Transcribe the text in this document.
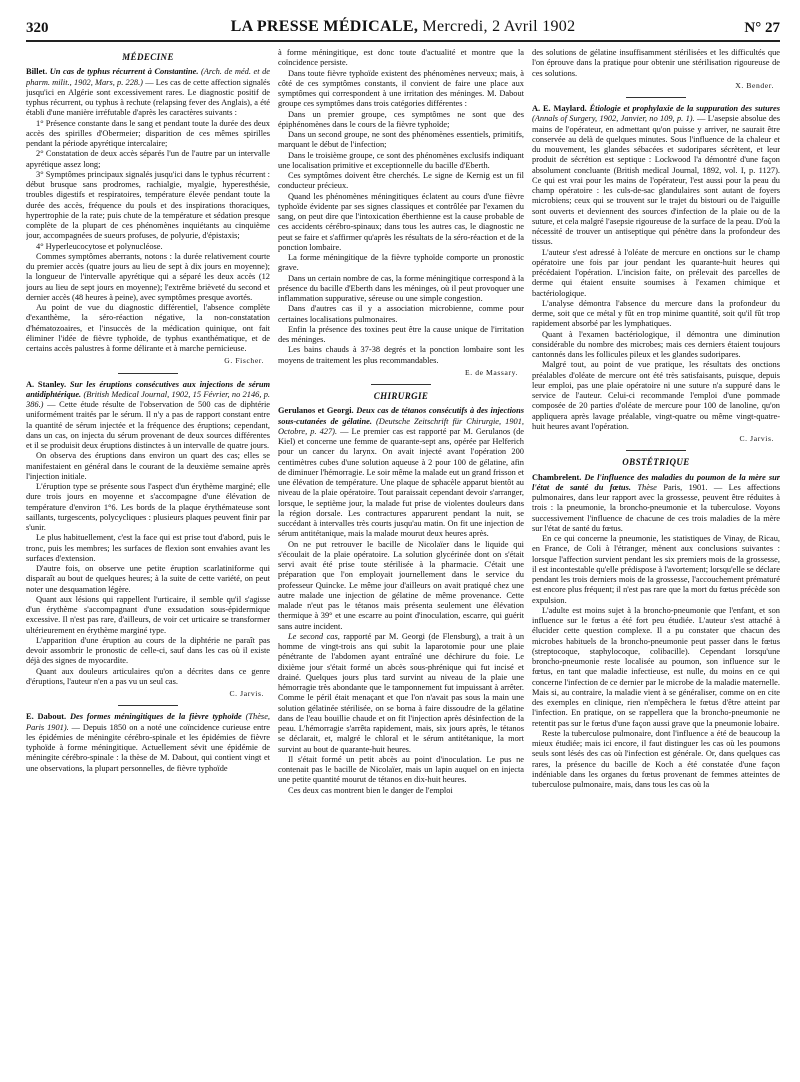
320	LA PRESSE MÉDICALE, Mercredi, 2 Avril 1902	N° 27
MÉDECINE

Billet. Un cas de typhus récurrent à Constantine. (Arch. de méd. et de pharm. milit., 1902, Mars, p. 228.) — Les cas de cette affection signalés jusqu'ici en Algérie sont excessivement rares. Le diagnostic positif de typhus récurrent, ou typhus à rechute (relapsing fever des Anglais), a été établi d'une manière irréfutable d'après les caractères suivants :

1° Présence constante dans le sang et pendant toute la durée des deux accès des spirilles d'Obermeier; disparition de ces mêmes spirilles pendant la période apyrétique intercalaire;

2° Constatation de deux accès séparés l'un de l'autre par un intervalle apyrétique assez long;

3° Symptômes principaux signalés jusqu'ici dans le typhus récurrent : début brusque sans prodromes, rachialgie, myalgie, hyperesthésie, troubles digestifs et respiratoires, température élevée pendant toute la durée des accès, fréquence du pouls et des inspirations thoraciques, hypertrophie de la rate; puis chute de la température et sédation presque complète de la plupart de ces phénomènes inquiétants au cinquième jour, accompagnées de sueurs profuses, de polyurie, d'épistaxis;

4° Hyperleucocytose et polynucléose.

Commes symptômes aberrants, notons : la durée relativement courte du premier accès (quatre jours au lieu de sept à dix jours en moyenne); la longueur de l'intervalle apyrétique qui a séparé les deux accès (12 jours au lieu de sept jours en moyenne); l'extrême brièveté du second et dernier accès (48 heures à peine), avec symptômes presque avortés.

Au point de vue du diagnostic différentiel, l'absence complète d'exanthème, la séro-réaction négative, la non-constatation d'hématozoaires, et l'insuccès de la médication quinique, ont fait éliminer l'idée de fièvre typhoïde, de typhus exanthématique, et de certains accès palustres à forme délirante et à marche pernicieuse.

G. Fischer.

A. Stanley. Sur les éruptions consécutives aux injections de sérum antidiphtérique. (British Medical Journal, 1902, 15 Février, no 2146, p. 386.) — Cette étude résulte de l'observation de 500 cas de diphtérie uniformément traités par le sérum. Il n'y a pas de rapport constant entre la quantité de sérum injectée et la fréquence des éruptions; cependant, dans un cas, on injecta du sérum provenant de deux sources différentes et il se produisit deux éruptions distinctes à un intervalle de quatre jours.

On observa des éruptions dans environ un quart des cas; elles se manifestaient en général dans le courant de la deuxième semaine après l'injection initiale.

L'éruption type se présente sous l'aspect d'un érythème marginé; elle dure trois jours en moyenne et s'accompagne d'une élévation de température d'environ 1°6. Les bords de la plaque érythémateuse sont saillants, turgescents, polycycliques : plusieurs plaques peuvent finir par s'unir.

Le plus habituellement, c'est la face qui est prise tout d'abord, puis le tronc, puis les membres; les surfaces de flexion sont envahies avant les surfaces d'extension.

D'autre fois, on observe une petite éruption scarlatiniforme qui disparaît au bout de quelques heures; à la suite de cette variété, on peut noter une desquamation légère.

Quant aux lésions qui rappellent l'urticaire, il semble qu'il s'agisse d'un érythème s'accompagnant d'une exsudation sous-épidermique excessive. Il n'est pas rare, d'ailleurs, de voir cet urticaire se transformer ultérieurement en érythème marginé type.

L'apparition d'une éruption au cours de la diphtérie ne paraît pas devoir assombrir le pronostic de celle-ci, sauf dans les cas où il existe déjà des signes de myocardite.

Quant aux douleurs articulaires qu'on a décrites dans ce genre d'éruptions, l'auteur n'en a pas vu un seul cas.

C. Jarvis.

E. Dabout. Des formes méningitiques de la fièvre typhoïde (Thèse, Paris 1901). — Depuis 1850 on a noté une coïncidence curieuse entre les épidémies de méningite cérébro-spinale et les épidémies de fièvre typhoïde à forme méningitique. Actuellement sévit une épidémie de méningite cérébro-spinale : la thèse de M. Dabout, qui contient vingt et une observations, la plupart personnelles, de fièvre typhoïde

à forme méningitique, est donc toute d'actualité et montre que la coïncidence persiste.

Dans toute fièvre typhoïde existent des phénomènes nerveux; mais, à côté de ces symptômes constants, il convient de faire une place aux symptômes qui correspondent à une irritation des méninges. M. Dabout groupe ces symptômes dans trois catégories différentes :

Dans un premier groupe, ces symptômes ne sont que des épiphénomènes dans le cours de la fièvre typhoïde;

Dans un second groupe, ne sont des phénomènes essentiels, primitifs, marquant le début de l'infection;

Dans le troisième groupe, ce sont des phénomènes exclusifs indiquant une localisation primitive et exceptionnelle du bacille d'Eberth.

Ces symptômes doivent être cherchés. Le signe de Kernig est un fil conducteur précieux.

Quand les phénomènes méningitiques éclatent au cours d'une fièvre typhoïde évidente par ses signes classiques et contrôlée par l'examen du sang, on peut dire que l'intoxication éberthienne est la cause probable de ces accidents cérébro-spinaux; dans tous les autres cas, le diagnostic ne peut se faire et s'affirmer qu'après les résultats de la séro-réaction et de la ponction lombaire.

La forme méningitique de la fièvre typhoïde comporte un pronostic grave.

Dans un certain nombre de cas, la forme méningitique correspond à la présence du bacille d'Eberth dans les méninges, où il peut provoquer une inflammation suppurative, séreuse ou une simple congestion.

Dans d'autres cas il y a association microbienne, comme pour certaines localisations pulmonaires.

Enfin la présence des toxines peut être la cause unique de l'irritation des méninges.

Les bains chauds à 37-38 degrés et la ponction lombaire sont les moyens de traitement les plus recommandables.

E. de Massary.
CHIRURGIE

Gerulanos et Georgi. Deux cas de tétanos consécutifs à des injections sous-cutanées de gélatine. (Deutsche Zeitschrift für Chirurgie, 1901, Octobre, p. 427). — Le premier cas est rapporté par M. Gerulanos (de Kiel) et concerne une femme de quarante-sept ans, opérée par Helferich pour un cancer du larynx. On avait injecté avant l'opération 200 centimètres cubes d'une solution aqueuse à 2 pour 100 de gélatine, afin de diminuer l'hémorragie. Le soir même la malade eut un grand frisson et une élévation de température. Une plaque de sphacèle apparut bientôt au niveau de la plaie opératoire. Tout paraissait cependant devoir s'arranger, lorsque, le septième jour, la malade fut prise de violentes douleurs dans la région dorsale. Les contractures apparurent pendant la nuit, se succédant à intervalles très courts jusqu'au matin. On fit une injection de sérum antitétanique, mais la malade mourut deux heures après.

On ne put retrouver le bacille de Nicolaïer dans le liquide qui s'écoulait de la plaie opératoire. La solution glycérinée dont on s'était servi avait été prise toute stérilisée à la pharmacie. C'était une préparation que l'on employait journellement dans le service du professeur Quincke. Le même jour d'ailleurs on avait pratiqué chez une autre malade une injection de gélatine de même provenance. Cette malade n'eut pas le tétanos mais présenta seulement une élévation thermique à 39° et une escarre au point d'inoculation, escarre, qui guérit sans autre incident.

Le second cas, rapporté par M. Georgi (de Flensburg), a trait à un homme de vingt-trois ans qui subit la laparotomie pour une plaie pénétrante de l'abdomen ayant entraîné une déchirure du foie. Le dixième jour s'était formé un abcès sous-phrénique qui fut incisé et drainé. Quelques jours plus tard survint au niveau de la plaie une hémorragie très abondante que le tamponnement fut impuissant à arrêter. Comme le péril était menaçant et que l'on n'avait pas sous la main une solution gélatinée stérilisée, on se borna à faire dissoudre de la gélatine dans de l'eau bouillie chaude et on fit l'injection après désinfection de la peau. L'hémorragie s'arrêta rapidement, mais, six jours après, le tétanos se déclarait, et, malgré le chloral et le sérum antitétanique, la mort survint au bout de quarante-huit heures.

Il s'était formé un petit abcès au point d'inoculation. Le pus ne contenait pas le bacille de Nicolaïer, mais un lapin auquel on en injecta une petite quantité mourut de tétanos en dix-huit heures.

Ces deux cas montrent bien le danger de l'emploi

des solutions de gélatine insuffisamment stérilisées et les difficultés que l'on éprouve dans la pratique pour obtenir une stérilisation rigoureuse de ces solutions.

X. Bender.

A. E. Maylard. Étiologie et prophylaxie de la suppuration des sutures (Annals of Surgery, 1902, Janvier, no 109, p. 1). — L'asepsie absolue des mains de l'opérateur, en admettant qu'on puisse y arriver, ne saurait être conservée au delà de quelques minutes. Sous l'influence de la chaleur et du mouvement, les glandes sébacées et sudoripares sécrètent, et leur produit de sécrétion est septique : Lockwood l'a démontré d'une façon absolument concluante (British medical Journal, 1892, vol. I, p. 1127). Ce qui est vrai pour les mains de l'opérateur, l'est aussi pour la peau du champ opératoire : les culs-de-sac glandulaires sont autant de foyers microbiens; ceux qui se trouvent sur le trajet du bistouri ou de l'aiguille sont ouverts et deviennent des sources d'infection de la plaie ou de la suture, et cela malgré l'asepsie rigoureuse de la surface de la peau. D'où la nécessité de trouver un antiseptique qui pénètre dans la profondeur des tissus.

L'auteur s'est adressé à l'oléate de mercure en onctions sur le champ opératoire une fois par jour pendant les quarante-huit heures qui précédaient l'opération. L'incision faite, on prélevait des parcelles de derme qui étaient ensuite soumises à l'examen chimique et bactériologique.

L'analyse démontra l'absence du mercure dans la profondeur du derme, soit que ce métal y fût en trop minime quantité, soit qu'il fût trop rapidement absorbé par les lymphatiques.

Quant à l'examen bactériologique, il démontra une diminution considérable du nombre des microbes; mais ces derniers étaient toujours cantonnés dans les follicules pileux et les glandes sudoripares.

Malgré tout, au point de vue pratique, les résultats des onctions préalables d'oléate de mercure ont été très satisfaisants, puisque, depuis leur emploi, pas une plaie opératoire ni une suture n'a suppuré dans le service de l'auteur. Celui-ci recommande l'emploi d'une pommade composée de 20 parties d'oléate de mercure pour 100 de lanoline, qu'on appliquera après lavage préalable, vingt-quatre ou même vingt-quatre-huit heures avant l'opération.

C. Jarvis.
OBSTÉTRIQUE

Chambrelent. De l'influence des maladies du poumon de la mère sur l'état de santé du fœtus. Thèse Paris, 1901. — Les affections pulmonaires, dans leur rapport avec la grossesse, peuvent être réduites à trois : la pneumonie, la broncho-pneumonie et la tuberculose. Voyons successivement l'influence de chacune de ces trois maladies de la mère sur l'état de santé du fœtus.

En ce qui concerne la pneumonie, les statistiques de Vinay, de Ricau, en France, de Coli à l'étranger, mènent aux conclusions suivantes : lorsque l'affection survient pendant les six premiers mois de la grossesse, il est incontestable qu'elle prédispose à l'avortement; lorsqu'elle se déclare pendant les trois derniers mois de la grossesse, l'accouchement prématuré est encore plus fréquent; il n'est pas rare que la mort du fœtus précède son expulsion.

L'adulte est moins sujet à la broncho-pneumonie que l'enfant, et son influence sur le fœtus a été fort peu étudiée. L'auteur s'est attaché à élucider cette question complexe. Il a pu constater que chacun des microbes habituels de la broncho-pneumonie peut passer dans le fœtus (streptocoque, staphylocoque, colibacille). Cependant lorsqu'une broncho-pneumonie reste localisée au poumon, son influence sur le fœtus, en tant que maladie infectieuse, est nulle, du moins en ce qui concerne l'infection de ce dernier par le microbe de la maladie maternelle. Mais si, au contraire, la maladie vient à se généraliser, comme on en cite des exemples en clinique, rien n'empêchera le fœtus d'être atteint par l'infection. En pratique, on se rappellera que la broncho-pneumonie ne retentit pas sur le fœtus d'une façon aussi grave que la pneumonie lobaire.

Reste la tuberculose pulmonaire, dont l'influence a été de beaucoup la mieux étudiée; mais ici encore, il faut distinguer les cas où les poumons seuls sont lésés des cas où l'infection est générale. Or, dans quelques cas rares, la présence du bacille de Koch a été constatée d'une façon indéniable dans les organes du fœtus provenant de femmes atteintes de tuberculose pulmonaire, mais, dans tous les cas où la
